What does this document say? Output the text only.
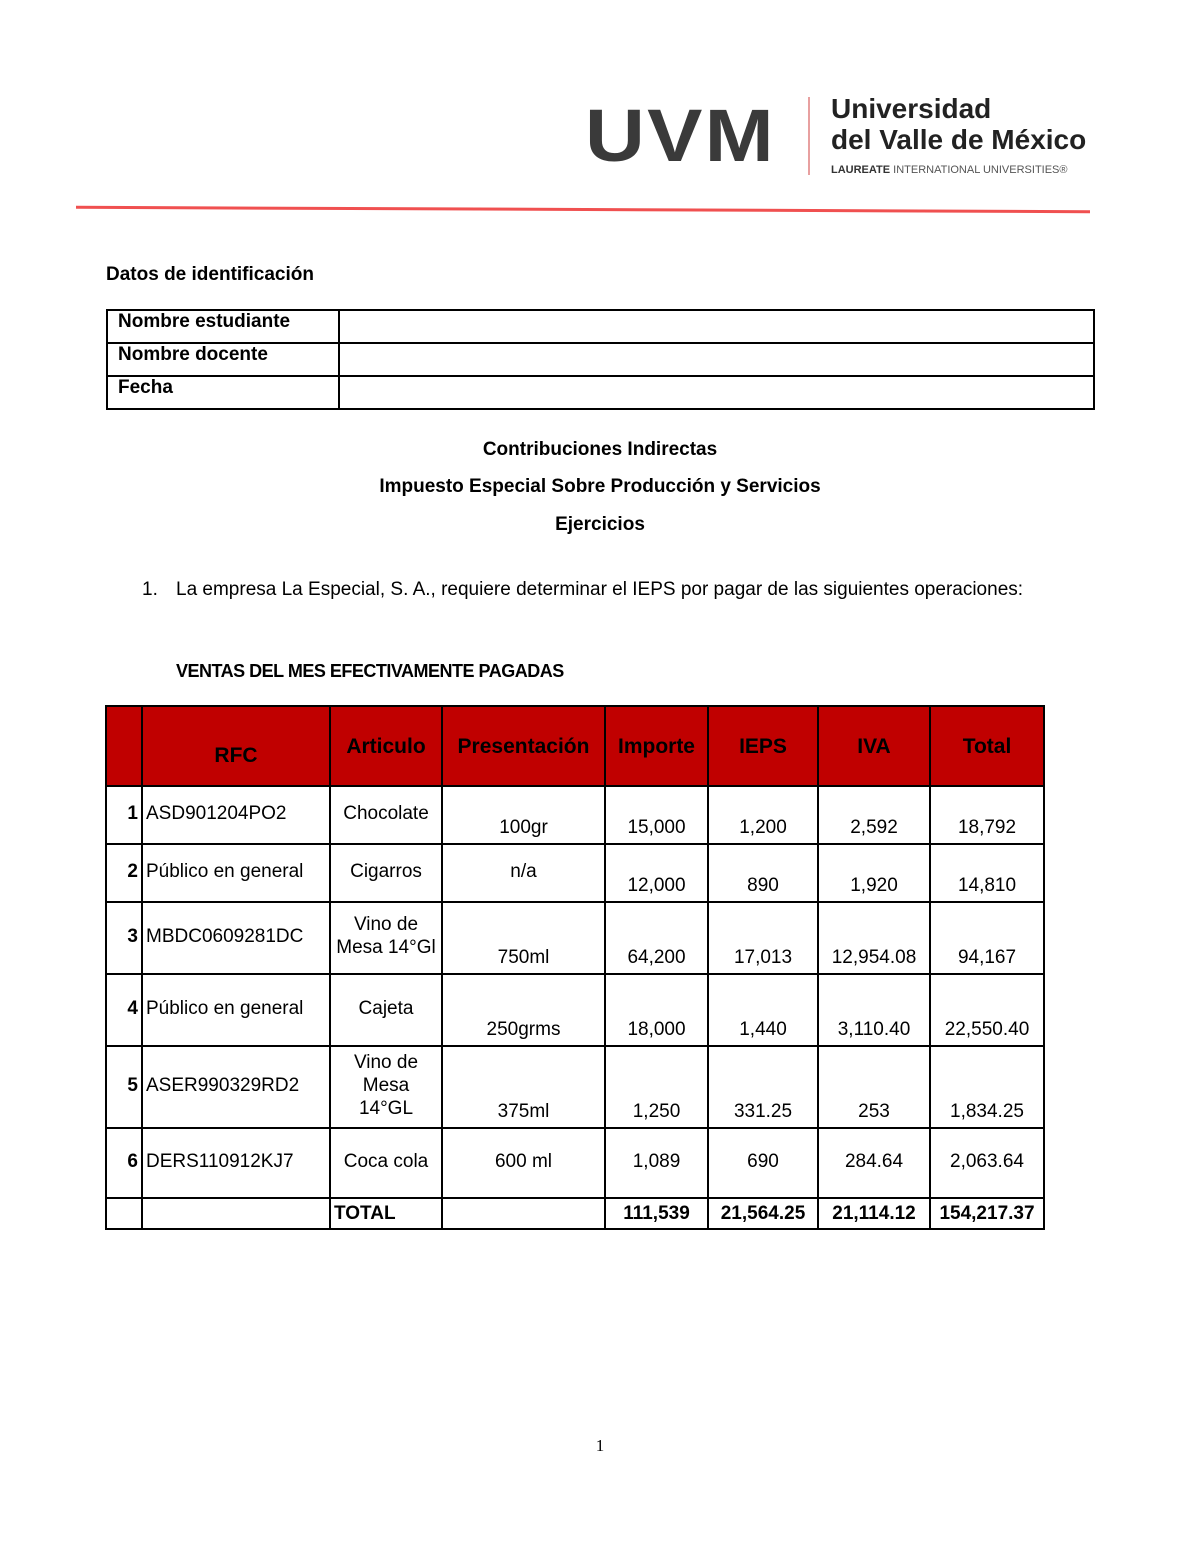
UVM Universidad
del Valle de México
LAUREATE INTERNATIONAL UNIVERSITIES®
Datos de identificación
Nombre estudiante	
Nombre docente	
Fecha	
Contribuciones Indirectas
Impuesto Especial Sobre Producción y Servicios
Ejercicios
1. La empresa La Especial, S. A., requiere determinar el IEPS por pagar de las siguientes operaciones:
VENTAS DEL MES EFECTIVAMENTE PAGADAS
	RFC	Articulo	Presentación	Importe	IEPS	IVA	Total
1	ASD901204PO2	Chocolate	100gr	15,000	1,200	2,592	18,792
2	Público en general	Cigarros	n/a	12,000	890	1,920	14,810
3	MBDC0609281DC	Vino de Mesa 14°Gl	750ml	64,200	17,013	12,954.08	94,167
4	Público en general	Cajeta	250grms	18,000	1,440	3,110.40	22,550.40
5	ASER990329RD2	Vino de Mesa 14°GL	375ml	1,250	331.25	253	1,834.25
6	DERS110912KJ7	Coca cola	600 ml	1,089	690	284.64	2,063.64
		TOTAL		111,539	21,564.25	21,114.12	154,217.37
1
